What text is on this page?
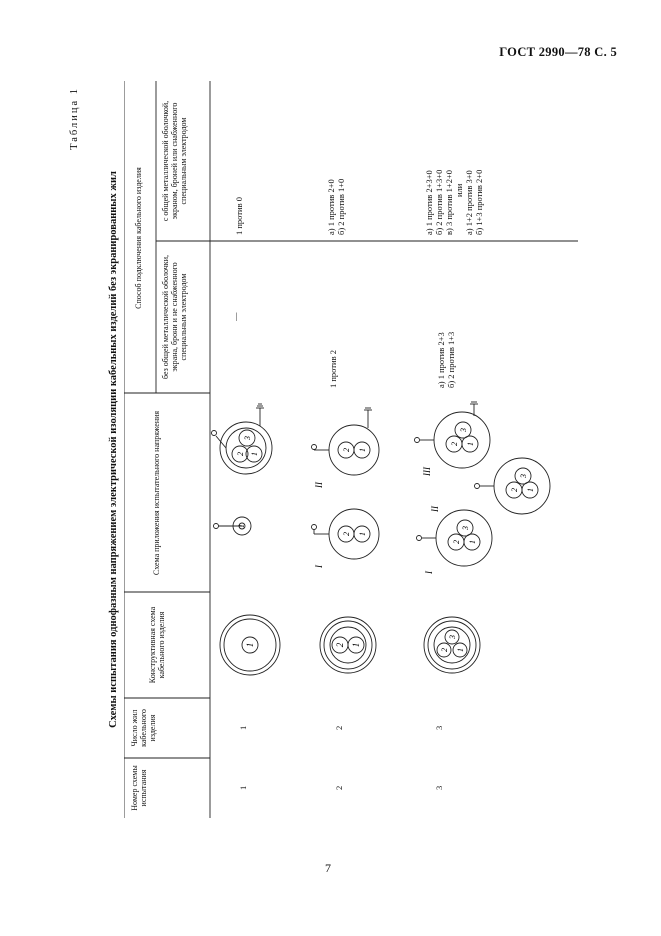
ГОСТ 2990—78 С. 5
Схемы испытания однофазным напряжением электрической изоляции кабельных изделий без экранированных жил
Таблица 1
Номер схемы испытания
Число жил кабельного изделия
Конструктивная схема кабельного изделия
Схема приложения испытательного напряжения
Способ подключения кабельного изделия
без общей металлической оболочки, экрана, брони и не снабженного специальным электродом
с общей металлической оболочкой, экраном, броней или снабженного специальным электродом
1
1
—
1 против 0
2
2
1 против 2
а) 1 против 2+0 б) 2 против 1+0
3
3
а) 1 против 2+3 б) 2 против 1+3
а) 1 против 2+3+0 б) 2 против 1+3+0 в) 3 против 1+2+0 или а) 1+2 против 3+0 б) 1+3 против 2+0
1	2 1
2 1
3
2 1
3
1
2 1
2 1
2 1
3
2 1
3
2 1
3
I
II
I
II
III
7
